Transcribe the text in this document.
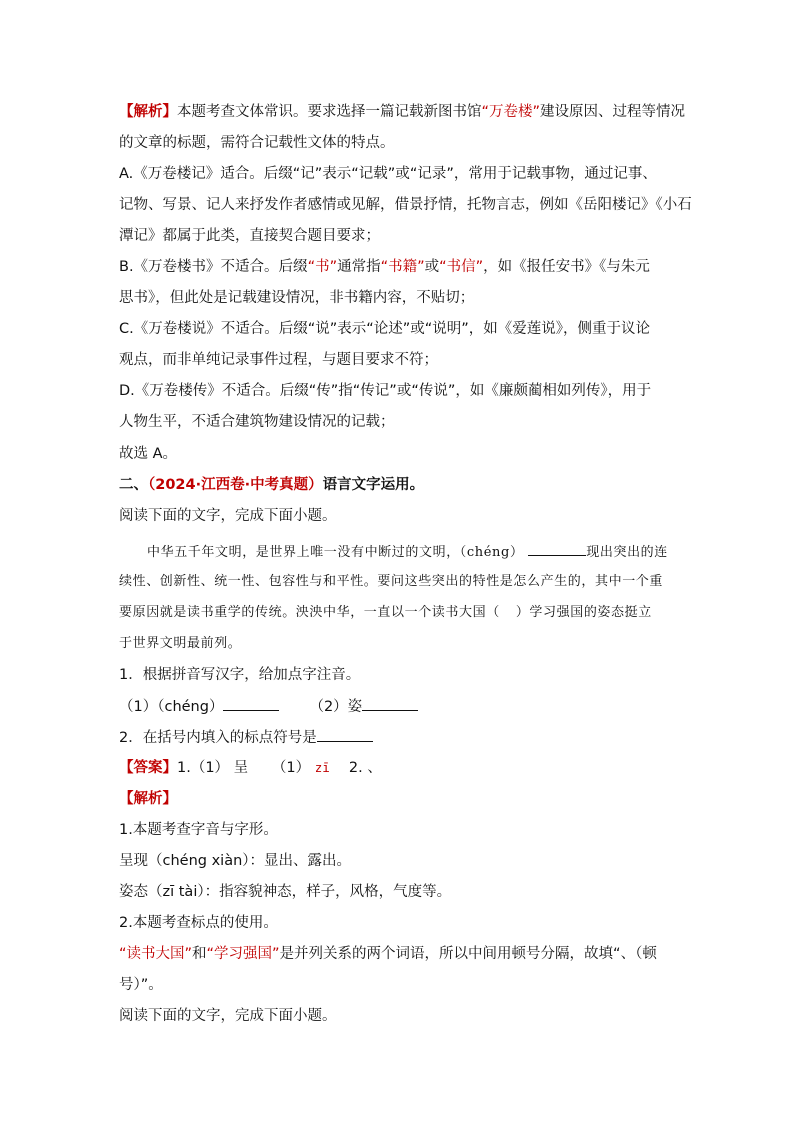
【解析】本题考查文体常识。要求选择一篇记载新图书馆“万卷楼”建设原因、过程等情况
的文章的标题，需符合记载性文体的特点。
A.《万卷楼记》适合。后缀“记”表示“记载”或“记录”，常用于记载事物，通过记事、
记物、写景、记人来抒发作者感情或见解，借景抒情，托物言志，例如《岳阳楼记》《小石
潭记》都属于此类，直接契合题目要求；
B.《万卷楼书》不适合。后缀“书”通常指“书籍”或“书信”，如《报任安书》《与朱元
思书》，但此处是记载建设情况，非书籍内容，不贴切；
C.《万卷楼说》不适合。后缀“说”表示“论述”或“说明”，如《爱莲说》，侧重于议论
观点，而非单纯记录事件过程，与题目要求不符；
D.《万卷楼传》不适合。后缀“传”指“传记”或“传说”，如《廉颇蔺相如列传》，用于
人物生平，不适合建筑物建设情况的记载；
故选 A。
二、（2024·江西卷·中考真题）语言文字运用。
阅读下面的文字，完成下面小题。
中华五千年文明，是世界上唯一没有中断过的文明，（chéng）	现出突出的连
续性、创新性、统一性、包容性与和平性。要问这些突出的特性是怎么产生的，其中一个重
要原因就是读书重学的传统。泱泱中华，一直以一个读书大国（ ）学习强国的姿态挺立
于世界文明最前列。
1．根据拼音写汉字，给加点字注音。
（1）（chéng）	（2）姿
2．在括号内填入的标点符号是
【答案】1.（1） 呈 　 （1） zī　 2. 、
【解析】
1.本题考查字音与字形。
呈现（chéng xiàn）：显出、露出。
姿态（zī tài）：指容貌神态，样子，风格，气度等。
2.本题考查标点的使用。
“读书大国”和“学习强国”是并列关系的两个词语，所以中间用顿号分隔，故填“、（顿
号）”。
阅读下面的文字，完成下面小题。
